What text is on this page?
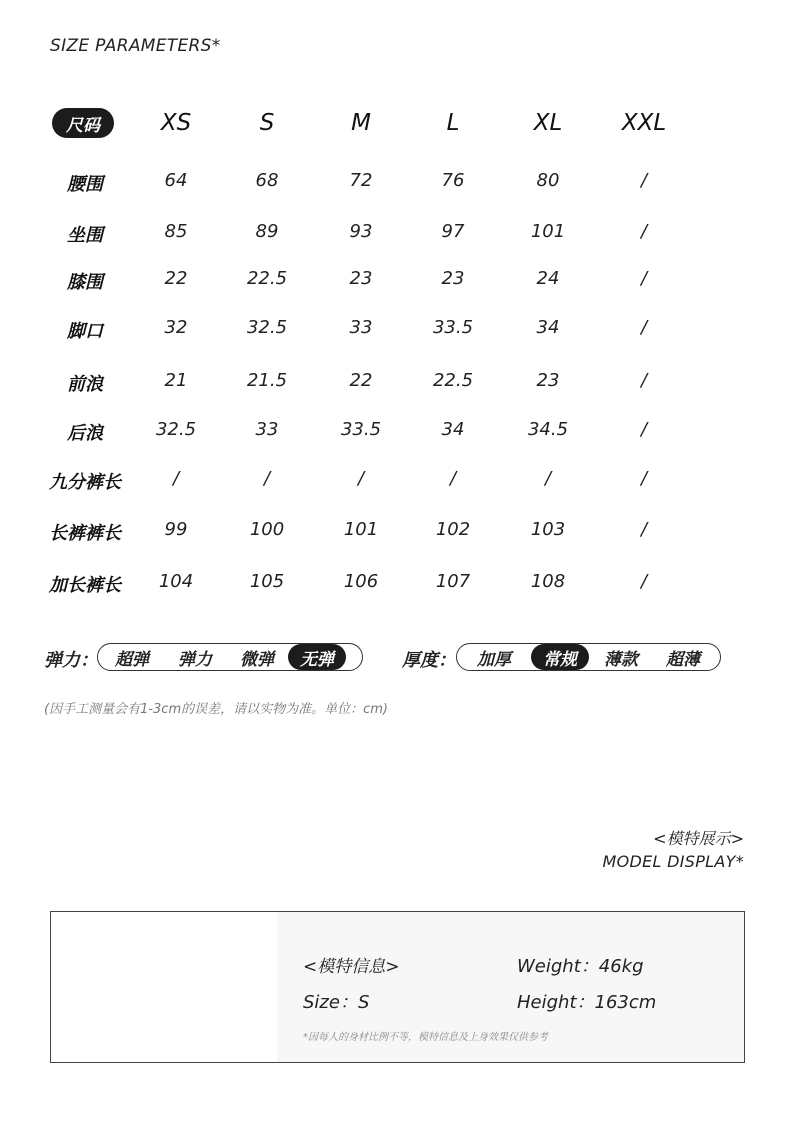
SIZE PARAMETERS*
尺码	XS	S	M	L	XL	XXL
腰围	64	68	72	76	80	/
坐围	85	89	93	97	101	/
膝围	22	22.5	23	23	24	/
脚口	32	32.5	33	33.5	34	/
前浪	21	21.5	22	22.5	23	/
后浪	32.5	33	33.5	34	34.5	/
九分裤长	/	/	/	/	/	/
长裤裤长	99	100	101	102	103	/
加长裤长	104	105	106	107	108	/
弹力：	超弹	弹力	微弹	无弹	厚度：	加厚	常规	薄款	超薄
(因手工测量会有1-3cm的误差，请以实物为准。单位：cm)
<模特展示>
MODEL DISPLAY*
<模特信息>
Size：S
Weight：46kg
Height：163cm
*因每人的身材比例不等，模特信息及上身效果仅供参考
